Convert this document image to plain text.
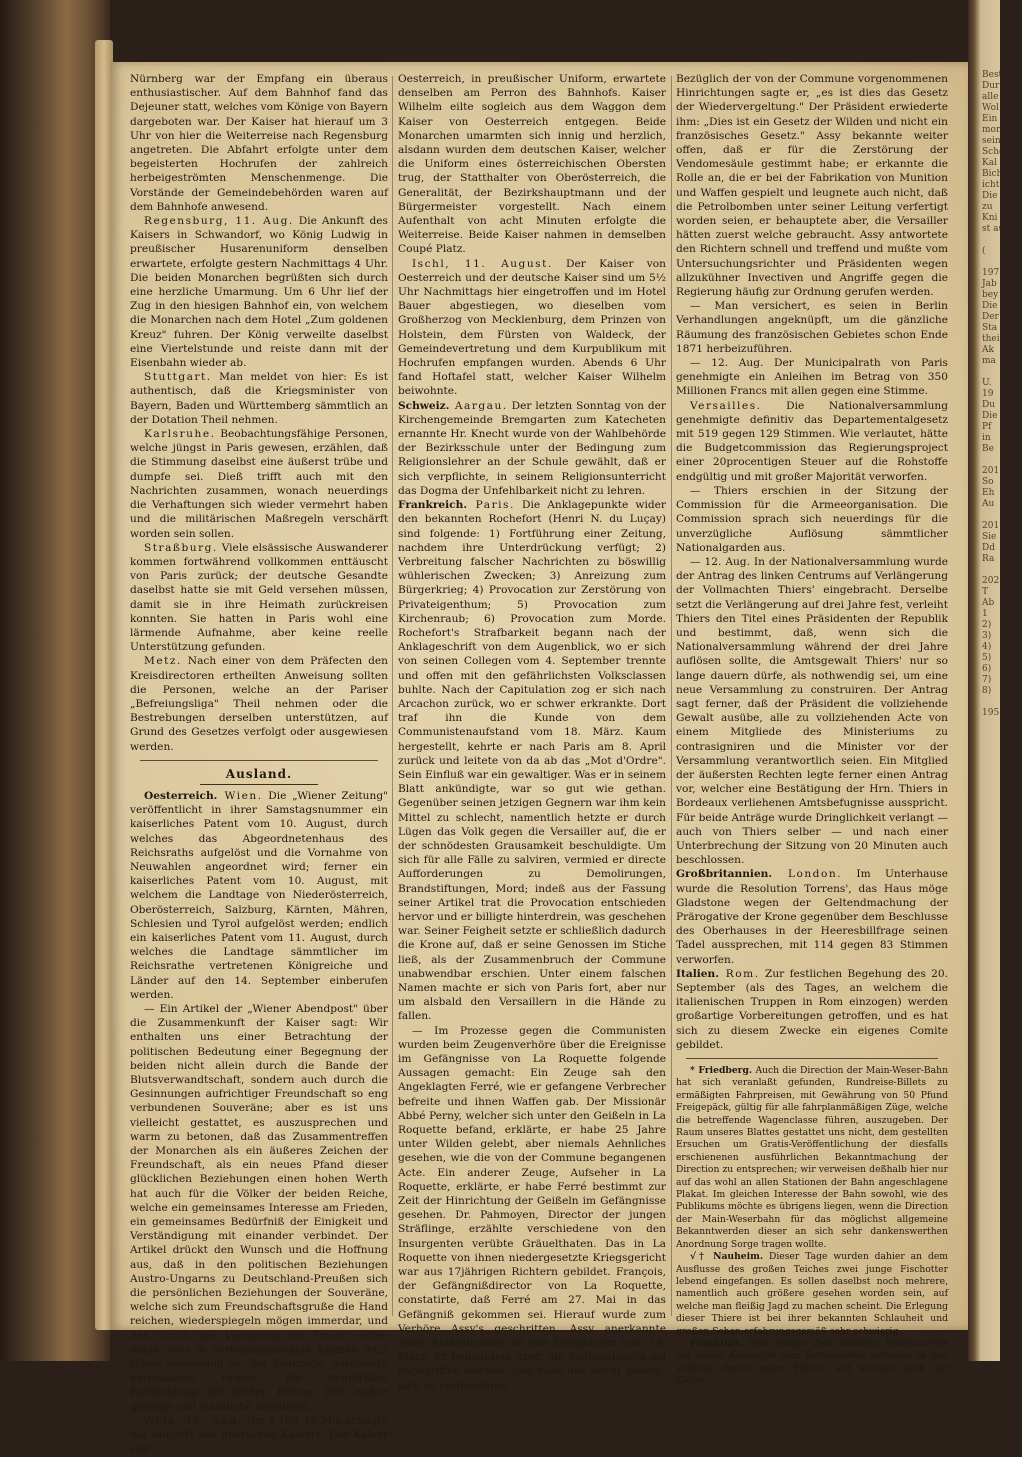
Nürnberg war der Empfang ein überaus enthusiastischer. Auf dem Bahnhof fand das Dejeuner statt, welches vom Könige von Bayern dargeboten war. Der Kaiser hat hierauf um 3 Uhr von hier die Weiterreise nach Regensburg angetreten. Die Abfahrt erfolgte unter dem begeisterten Hochrufen der zahlreich herbeigeströmten Menschenmenge. Die Vorstände der Gemeindebehörden waren auf dem Bahnhofe anwesend.

Regensburg, 11. Aug. Die Ankunft des Kaisers in Schwandorf, wo König Ludwig in preußischer Husarenuniform denselben erwartete, erfolgte gestern Nachmittags 4 Uhr. Die beiden Monarchen begrüßten sich durch eine herzliche Umarmung. Um 6 Uhr lief der Zug in den hiesigen Bahnhof ein, von welchem die Monarchen nach dem Hotel „Zum goldenen Kreuz" fuhren. Der König verweilte daselbst eine Viertelstunde und reiste dann mit der Eisenbahn wieder ab.

Stuttgart. Man meldet von hier: Es ist authentisch, daß die Kriegsminister von Bayern, Baden und Württemberg sämmtlich an der Dotation Theil nehmen.

Karlsruhe. Beobachtungsfähige Personen, welche jüngst in Paris gewesen, erzählen, daß die Stimmung daselbst eine äußerst trübe und dumpfe sei. Dieß trifft auch mit den Nachrichten zusammen, wonach neuerdings die Verhaftungen sich wieder vermehrt haben und die militärischen Maßregeln verschärft worden sein sollen.

Straßburg. Viele elsässische Auswanderer kommen fortwährend vollkommen enttäuscht von Paris zurück; der deutsche Gesandte daselbst hatte sie mit Geld versehen müssen, damit sie in ihre Heimath zurückreisen konnten. Sie hatten in Paris wohl eine lärmende Aufnahme, aber keine reelle Unterstützung gefunden.

Metz. Nach einer von dem Präfecten den Kreisdirectoren ertheilten Anweisung sollten die Personen, welche an der Pariser „Befreiungsliga" Theil nehmen oder die Bestrebungen derselben unterstützen, auf Grund des Gesetzes verfolgt oder ausgewiesen werden.

Ausland.

Oesterreich. Wien. Die „Wiener Zeitung" veröffentlicht in ihrer Samstagsnummer ein kaiserliches Patent vom 10. August, durch welches das Abgeordnetenhaus des Reichsraths aufgelöst und die Vornahme von Neuwahlen angeordnet wird; ferner ein kaiserliches Patent vom 10. August, mit welchem die Landtage von Niederösterreich, Oberösterreich, Salzburg, Kärnten, Mähren, Schlesien und Tyrol aufgelöst werden; endlich ein kaiserliches Patent vom 11. August, durch welches die Landtage sämmtlicher im Reichsrathe vertretenen Königreiche und Länder auf den 14. September einberufen werden.

— Ein Artikel der „Wiener Abendpost" über die Zusammenkunft der Kaiser sagt: Wir enthalten uns einer Betrachtung der politischen Bedeutung einer Begegnung der beiden nicht allein durch die Bande der Blutsverwandtschaft, sondern auch durch die Gesinnungen aufrichtiger Freundschaft so eng verbundenen Souveräne; aber es ist uns vielleicht gestattet, es auszusprechen und warm zu betonen, daß das Zusammentreffen der Monarchen als ein äußeres Zeichen der Freundschaft, als ein neues Pfand dieser glücklichen Beziehungen einen hohen Werth hat auch für die Völker der beiden Reiche, welche ein gemeinsames Interesse am Frieden, ein gemeinsames Bedürfniß der Einigkeit und Verständigung mit einander verbindet. Der Artikel drückt den Wunsch und die Hoffnung aus, daß in den politischen Beziehungen Austro-Ungarns zu Deutschland-Preußen sich die persönlichen Beziehungen der Souveräne, welche sich zum Freundschaftsgruße die Hand reichen, wiederspiegeln mögen immerdar, und daß durch dies Verhältniß zur Frucht reifen möge, was in verheißungsvollen Keimen jetzt schon vorhanden ist: der dauernde, gesicherte europäische Friede, die ungetrübte Entwicklung der beiden Reiche, ihre wahre geistige und staatliche Wohlfahrt.

Wels, 11. Aug. Um 1 Uhr 10 Min erfolgte die Ankunft des deutschen Kaisers. Der Kaiser von

Oesterreich, in preußischer Uniform, erwartete denselben am Perron des Bahnhofs. Kaiser Wilhelm eilte sogleich aus dem Waggon dem Kaiser von Oesterreich entgegen. Beide Monarchen umarmten sich innig und herzlich, alsdann wurden dem deutschen Kaiser, welcher die Uniform eines österreichischen Obersten trug, der Statthalter von Oberösterreich, die Generalität, der Bezirkshauptmann und der Bürgermeister vorgestellt. Nach einem Aufenthalt von acht Minuten erfolgte die Weiterreise. Beide Kaiser nahmen in demselben Coupé Platz.

Ischl, 11. August. Der Kaiser von Oesterreich und der deutsche Kaiser sind um 5½ Uhr Nachmittags hier eingetroffen und im Hotel Bauer abgestiegen, wo dieselben vom Großherzog von Mecklenburg, dem Prinzen von Holstein, dem Fürsten von Waldeck, der Gemeindevertretung und dem Kurpublikum mit Hochrufen empfangen wurden. Abends 6 Uhr fand Hoftafel statt, welcher Kaiser Wilhelm beiwohnte.

Schweiz. Aargau. Der letzten Sonntag von der Kirchengemeinde Bremgarten zum Katecheten ernannte Hr. Knecht wurde von der Wahlbehörde der Bezirksschule unter der Bedingung zum Religionslehrer an der Schule gewählt, daß er sich verpflichte, in seinem Religionsunterricht das Dogma der Unfehlbarkeit nicht zu lehren.

Frankreich. Paris. Die Anklagepunkte wider den bekannten Rochefort (Henri N. du Luçay) sind folgende: 1) Fortführung einer Zeitung, nachdem ihre Unterdrückung verfügt; 2) Verbreitung falscher Nachrichten zu böswillig wühlerischen Zwecken; 3) Anreizung zum Bürgerkrieg; 4) Provocation zur Zerstörung von Privateigenthum; 5) Provocation zum Kirchenraub; 6) Provocation zum Morde. Rochefort's Strafbarkeit begann nach der Anklageschrift von dem Augenblick, wo er sich von seinen Collegen vom 4. September trennte und offen mit den gefährlichsten Volksclassen buhlte. Nach der Capitulation zog er sich nach Arcachon zurück, wo er schwer erkrankte. Dort traf ihn die Kunde von dem Communistenaufstand vom 18. März. Kaum hergestellt, kehrte er nach Paris am 8. April zurück und leitete von da ab das „Mot d'Ordre". Sein Einfluß war ein gewaltiger. Was er in seinem Blatt ankündigte, war so gut wie gethan. Gegenüber seinen jetzigen Gegnern war ihm kein Mittel zu schlecht, namentlich hetzte er durch Lügen das Volk gegen die Versailler auf, die er der schnödesten Grausamkeit beschuldigte. Um sich für alle Fälle zu salviren, vermied er directe Aufforderungen zu Demolirungen, Brandstiftungen, Mord; indeß aus der Fassung seiner Artikel trat die Provocation entschieden hervor und er billigte hinterdrein, was geschehen war. Seiner Feigheit setzte er schließlich dadurch die Krone auf, daß er seine Genossen im Stiche ließ, als der Zusammenbruch der Commune unabwendbar erschien. Unter einem falschen Namen machte er sich von Paris fort, aber nur um alsbald den Versaillern in die Hände zu fallen.

— Im Prozesse gegen die Communisten wurden beim Zeugenverhöre über die Ereignisse im Gefängnisse von La Roquette folgende Aussagen gemacht: Ein Zeuge sah den Angeklagten Ferré, wie er gefangene Verbrecher befreite und ihnen Waffen gab. Der Missionär Abbé Perny, welcher sich unter den Geißeln in La Roquette befand, erklärte, er habe 25 Jahre unter Wilden gelebt, aber niemals Aehnliches gesehen, wie die von der Commune begangenen Acte. Ein anderer Zeuge, Aufseher in La Roquette, erklärte, er habe Ferré bestimmt zur Zeit der Hinrichtung der Geißeln im Gefängnisse gesehen. Dr. Pahmoyen, Director der jungen Sträflinge, erzählte verschiedene von den Insurgenten verübte Gräuelthaten. Das in La Roquette von ihnen niedergesetzte Kriegsgericht war aus 17jährigen Richtern gebildet. François, der Gefängnißdirector von La Roquette, constatirte, daß Ferré am 27. Mai in das Gefängniß gekommen sei. Hierauf wurde zum Verhöre Assy's geschritten. Assy anerkannte seine Antheilnahme an den Ereignissen vom 18. März. Er behauptete aber, die Nationalgarde sei angegriffen worden, und habe das Recht gehabt, sich zu vertheidigen.

Bezüglich der von der Commune vorgenommenen Hinrichtungen sagte er, „es ist dies das Gesetz der Wiedervergeltung." Der Präsident erwiederte ihm: „Dies ist ein Gesetz der Wilden und nicht ein französisches Gesetz." Assy bekannte weiter offen, daß er für die Zerstörung der Vendomesäule gestimmt habe; er erkannte die Rolle an, die er bei der Fabrikation von Munition und Waffen gespielt und leugnete auch nicht, daß die Petrolbomben unter seiner Leitung verfertigt worden seien, er behauptete aber, die Versailler hätten zuerst welche gebraucht. Assy antwortete den Richtern schnell und treffend und mußte vom Untersuchungsrichter und Präsidenten wegen allzukühner Invectiven und Angriffe gegen die Regierung häufig zur Ordnung gerufen werden.

— Man versichert, es seien in Berlin Verhandlungen angeknüpft, um die gänzliche Räumung des französischen Gebietes schon Ende 1871 herbeizuführen.

— 12. Aug. Der Municipalrath von Paris genehmigte ein Anleihen im Betrag von 350 Millionen Francs mit allen gegen eine Stimme.

Versailles. Die Nationalversammlung genehmigte definitiv das Departementalgesetz mit 519 gegen 129 Stimmen. Wie verlautet, hätte die Budgetcommission das Regierungsproject einer 20procentigen Steuer auf die Rohstoffe endgültig und mit großer Majorität verworfen.

— Thiers erschien in der Sitzung der Commission für die Armeeorganisation. Die Commission sprach sich neuerdings für die unverzügliche Auflösung sämmtlicher Nationalgarden aus.

— 12. Aug. In der Nationalversammlung wurde der Antrag des linken Centrums auf Verlängerung der Vollmachten Thiers' eingebracht. Derselbe setzt die Verlängerung auf drei Jahre fest, verleiht Thiers den Titel eines Präsidenten der Republik und bestimmt, daß, wenn sich die Nationalversammlung während der drei Jahre auflösen sollte, die Amtsgewalt Thiers' nur so lange dauern dürfe, als nothwendig sei, um eine neue Versammlung zu construiren. Der Antrag sagt ferner, daß der Präsident die vollziehende Gewalt ausübe, alle zu vollziehenden Acte von einem Mitgliede des Ministeriums zu contrasigniren und die Minister vor der Versammlung verantwortlich seien. Ein Mitglied der äußersten Rechten legte ferner einen Antrag vor, welcher eine Bestätigung der Hrn. Thiers in Bordeaux verliehenen Amtsbefugnisse ausspricht. Für beide Anträge wurde Dringlichkeit verlangt — auch von Thiers selber — und nach einer Unterbrechung der Sitzung von 20 Minuten auch beschlossen.

Großbritannien. London. Im Unterhause wurde die Resolution Torrens', das Haus möge Gladstone wegen der Geltendmachung der Prärogative der Krone gegenüber dem Beschlusse des Oberhauses in der Heeresbillfrage seinen Tadel aussprechen, mit 114 gegen 83 Stimmen verworfen.

Italien. Rom. Zur festlichen Begehung des 20. September (als des Tages, an welchem die italienischen Truppen in Rom einzogen) werden großartige Vorbereitungen getroffen, und es hat sich zu diesem Zwecke ein eigenes Comite gebildet.

* Friedberg. Auch die Direction der Main-Weser-Bahn hat sich veranlaßt gefunden, Rundreise-Billets zu ermäßigten Fahrpreisen, mit Gewährung von 50 Pfund Freigepäck, gültig für alle fahrplanmäßigen Züge, welche die betreffende Wagenclasse führen, auszugeben. Der Raum unseres Blattes gestattet uns nicht, dem gestellten Ersuchen um Gratis-Veröffentlichung der diesfalls erschienenen ausführlichen Bekanntmachung der Direction zu entsprechen; wir verweisen deßhalb hier nur auf das wohl an allen Stationen der Bahn angeschlagene Plakat. Im gleichen Interesse der Bahn sowohl, wie des Publikums möchte es übrigens liegen, wenn die Direction der Main-Weserbahn für das möglichst allgemeine Bekanntwerden dieser an sich sehr dankenswerthen Anordnung Sorge tragen wollte.

√† Nauheim. Dieser Tage wurden dahier an dem Ausflusse des großen Teiches zwei junge Fischotter lebend eingefangen. Es sollen daselbst noch mehrere, namentlich auch größere gesehen worden sein, auf welche man fleißig Jagd zu machen scheint. Die Erlegung dieser Thiere ist bei ihrer bekannten Schlauheit und großen Schen erfahrungsgemäß sehr schwierig.

Frankfurt. Seit einiger Zeit kommen Briefcouverts mit einem Klebestoff zum Verschließen versehen in den Verkehr, deren innere Fläche, auf welcher auch der Klebe-

Best
Dur
alle
Wol
Ein
mon
sein
Scho
Kal
Bich
icht
Die
zu
Kni
st au

(

197
Jab
bey
Die
Der
Sta
thei
Ak
ma

U.
19
Du
Die
Pf
in
Be

201
So
Eh
Au

201
Sie
Dd
Ra

202
T
Ab
1
2)
3)
4)
5)
6)
7)
8)

1951
